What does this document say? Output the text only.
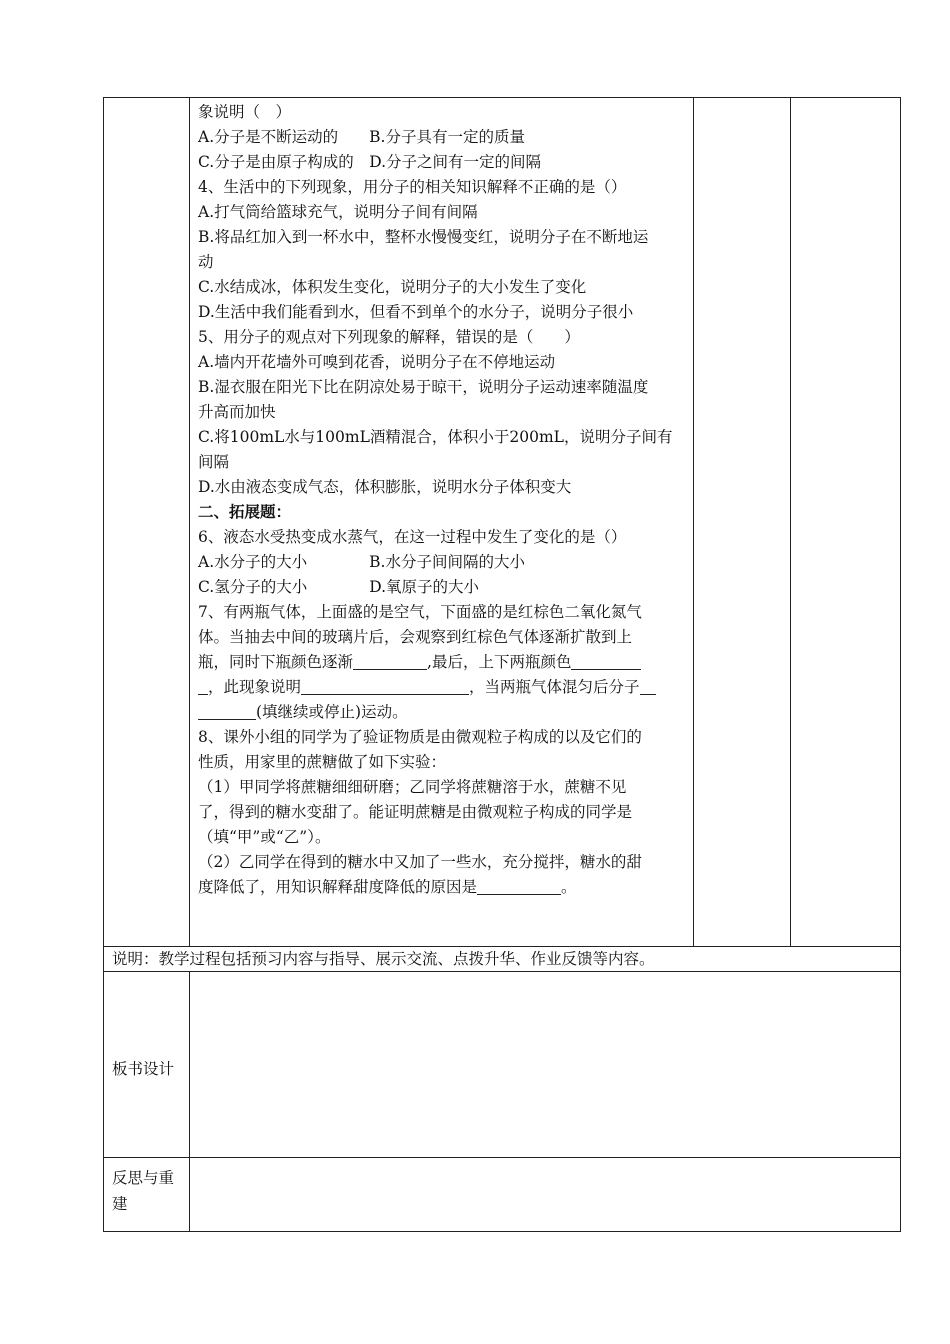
象说明（　）
A.分子是不断运动的　　B.分子具有一定的质量
C.分子是由原子构成的　D.分子之间有一定的间隔
4、生活中的下列现象，用分子的相关知识解释不正确的是（）
A.打气筒给篮球充气，说明分子间有间隔
B.将品红加入到一杯水中，整杯水慢慢变红，说明分子在不断地运
动
C.水结成冰，体积发生变化，说明分子的大小发生了变化
D.生活中我们能看到水，但看不到单个的水分子，说明分子很小
5、用分子的观点对下列现象的解释，错误的是（　　）
A.墙内开花墙外可嗅到花香，说明分子在不停地运动
B.湿衣服在阳光下比在阴凉处易于晾干，说明分子运动速率随温度
升高而加快
C.将100mL水与100mL酒精混合，体积小于200mL，说明分子间有
间隔
D.水由液态变成气态，体积膨胀，说明水分子体积变大
二、拓展题：
6、液态水受热变成水蒸气，在这一过程中发生了变化的是（）
A.水分子的大小　　　　B.水分子间间隔的大小
C.氢分子的大小　　　　D.氧原子的大小
7、有两瓶气体，上面盛的是空气，下面盛的是红棕色二氧化氮气
体。当抽去中间的玻璃片后，会观察到红棕色气体逐渐扩散到上
瓶，同时下瓶颜色逐渐	,最后，上下两瓶颜色
，此现象说明	，当两瓶气体混匀后分子
(填继续或停止)运动。
8、课外小组的同学为了验证物质是由微观粒子构成的以及它们的
性质，用家里的蔗糖做了如下实验：
（1）甲同学将蔗糖细细研磨；乙同学将蔗糖溶于水，蔗糖不见
了，得到的糖水变甜了。能证明蔗糖是由微观粒子构成的同学是
（填“甲”或“乙”）。
（2）乙同学在得到的糖水中又加了一些水，充分搅拌，糖水的甜
度降低了，用知识解释甜度降低的原因是	。
说明：教学过程包括预习内容与指导、展示交流、点拨升华、作业反馈等内容。
板书设计
反思与重
建
